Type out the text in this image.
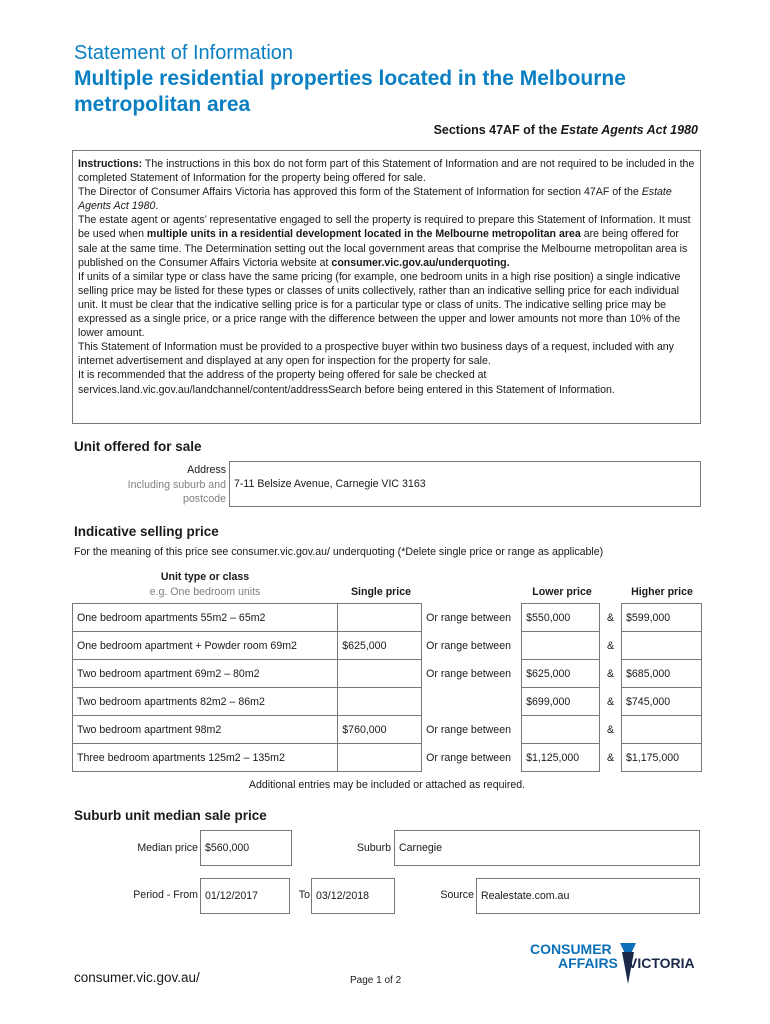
Statement of Information
Multiple residential properties located in the Melbourne metropolitan area
Sections 47AF of the Estate Agents Act 1980

Instructions: The instructions in this box do not form part of this Statement of Information and are not required to be included in the completed Statement of Information for the property being offered for sale.

The Director of Consumer Affairs Victoria has approved this form of the Statement of Information for section 47AF of the Estate Agents Act 1980.

The estate agent or agents’ representative engaged to sell the property is required to prepare this Statement of Information. It must be used when multiple units in a residential development located in the Melbourne metropolitan area are being offered for sale at the same time. The Determination setting out the local government areas that comprise the Melbourne metropolitan area is published on the Consumer Affairs Victoria website at consumer.vic.gov.au/underquoting.

If units of a similar type or class have the same pricing (for example, one bedroom units in a high rise position) a single indicative selling price may be listed for these types or classes of units collectively, rather than an indicative selling price for each individual unit. It must be clear that the indicative selling price is for a particular type or class of units. The indicative selling price may be expressed as a single price, or a price range with the difference between the upper and lower amounts not more than 10% of the lower amount.

This Statement of Information must be provided to a prospective buyer within two business days of a request, included with any internet advertisement and displayed at any open for inspection for the property for sale.

It is recommended that the address of the property being offered for sale be checked at services.land.vic.gov.au/landchannel/content/addressSearch before being entered in this Statement of Information.

Unit offered for sale
Address
Including suburb and
postcode
7-11 Belsize Avenue, Carnegie VIC 3163
Indicative selling price
For the meaning of this price see consumer.vic.gov.au/ underquoting (*Delete single price or range as applicable)
Unit type or class
e.g. One bedroom units	Single price	Lower price	Higher price
One bedroom apartments 55m2 – 65m2		Or range between	$550,000	&	$599,000
One bedroom apartment + Powder room 69m2	$625,000	Or range between		&	
Two bedroom apartment 69m2 – 80m2		Or range between	$625,000	&	$685,000
Two bedroom apartments 82m2 – 86m2			$699,000	&	$745,000
Two bedroom apartment 98m2	$760,000	Or range between		&	
Three bedroom apartments 125m2 – 135m2		Or range between	$1,125,000	&	$1,175,000
Additional entries may be included or attached as required.
Suburb unit median sale price
Median price $560,000	Suburb Carnegie
Period - From 01/12/2017	To 03/12/2018	Source Realestate.com.au
CONSUMER
AFFAIRS VICTORIA
consumer.vic.gov.au/	Page 1 of 2
